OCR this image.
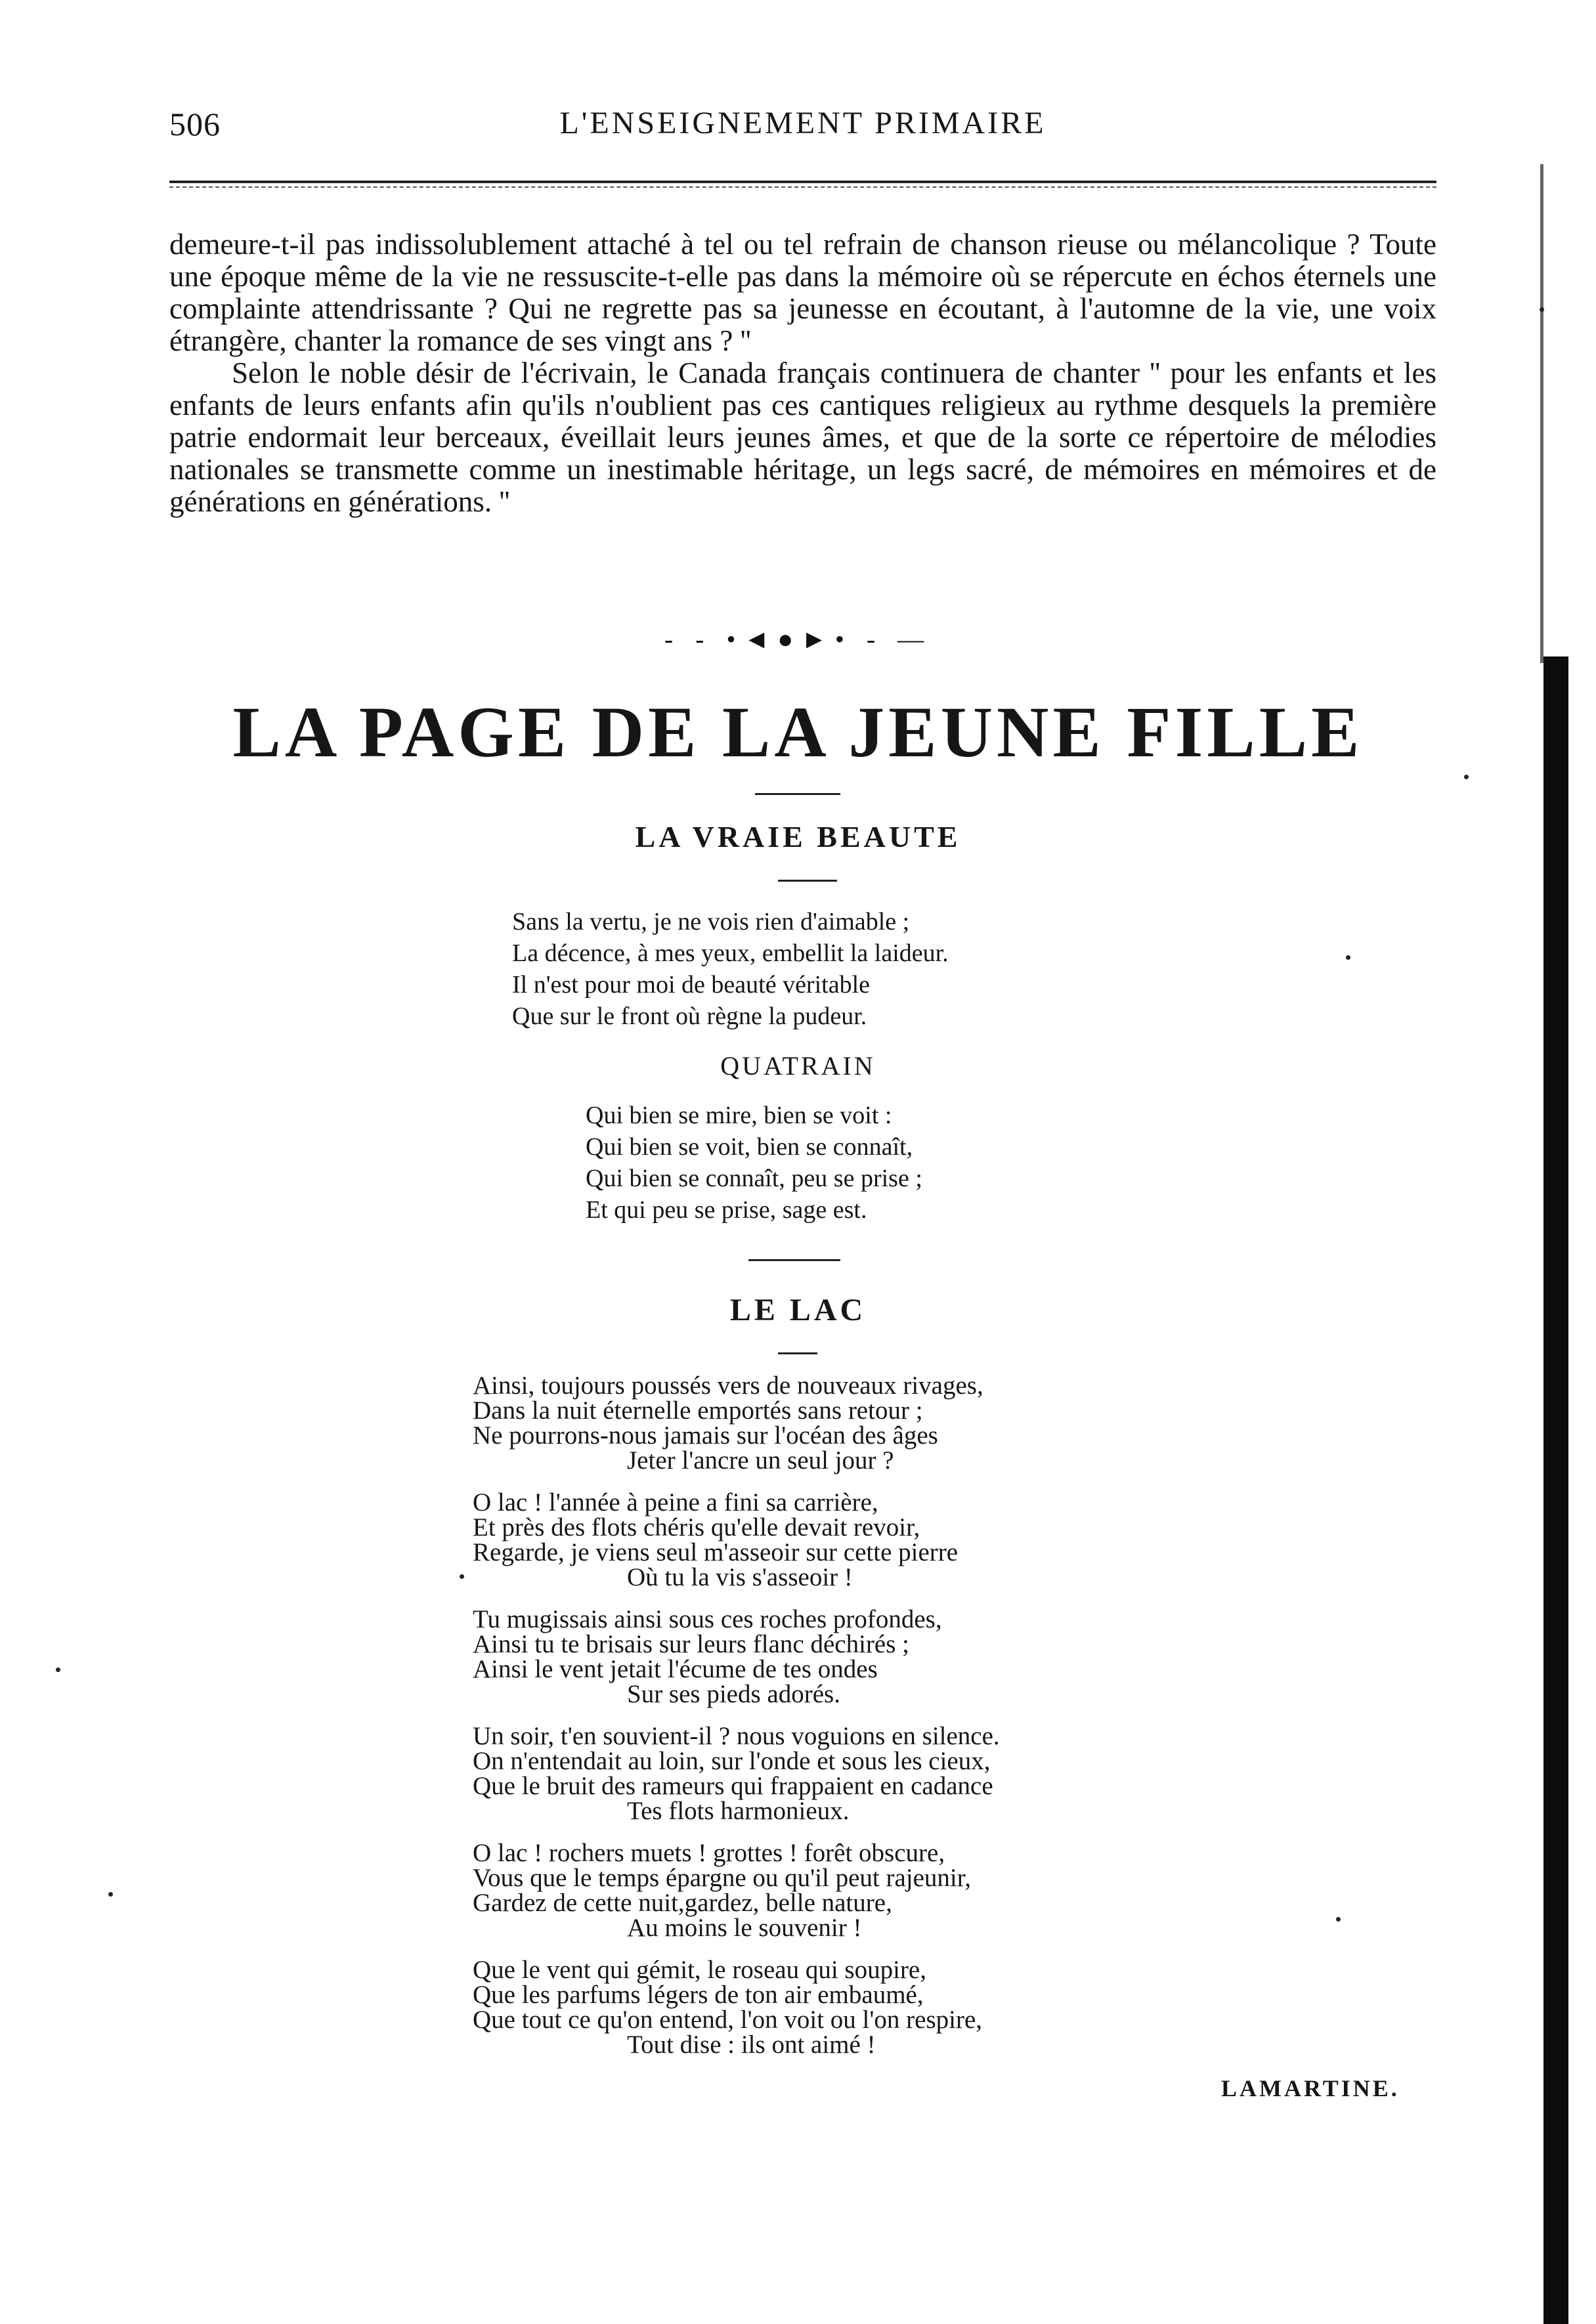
506	L'ENSEIGNEMENT PRIMAIRE

demeure-t-il pas indissolublement attaché à tel ou tel refrain de chanson rieuse ou mélancolique ? Toute une époque même de la vie ne ressuscite-t-elle pas dans la mémoire où se répercute en échos éternels une complainte attendrissante ? Qui ne regrette pas sa jeunesse en écoutant, à l'automne de la vie, une voix étrangère, chanter la romance de ses vingt ans ? ''

Selon le noble désir de l'écrivain, le Canada français continuera de chanter '' pour les enfants et les enfants de leurs enfants afin qu'ils n'oublient pas ces cantiques religieux au rythme desquels la première patrie endormait leur berceaux, éveillait leurs jeunes âmes, et que de la sorte ce répertoire de mélodies nationales se transmette comme un inestimable héritage, un legs sacré, de mémoires en mémoires et de générations en générations. ''

- - •◄●►• - —
LA PAGE DE LA JEUNE FILLE
LA VRAIE BEAUTE
Sans la vertu, je ne vois rien d'aimable ;
La décence, à mes yeux, embellit la laideur.
Il n'est pour moi de beauté véritable
Que sur le front où règne la pudeur.
QUATRAIN
Qui bien se mire, bien se voit :
Qui bien se voit, bien se connaît,
Qui bien se connaît, peu se prise ;
Et qui peu se prise, sage est.
LE LAC
Ainsi, toujours poussés vers de nouveaux rivages,
Dans la nuit éternelle emportés sans retour ;
Ne pourrons-nous jamais sur l'océan des âges
Jeter l'ancre un seul jour ?
O lac ! l'année à peine a fini sa carrière,
Et près des flots chéris qu'elle devait revoir,
Regarde, je viens seul m'asseoir sur cette pierre
Où tu la vis s'asseoir !
Tu mugissais ainsi sous ces roches profondes,
Ainsi tu te brisais sur leurs flanc déchirés ;
Ainsi le vent jetait l'écume de tes ondes
Sur ses pieds adorés.
Un soir, t'en souvient-il ? nous voguions en silence.
On n'entendait au loin, sur l'onde et sous les cieux,
Que le bruit des rameurs qui frappaient en cadance
Tes flots harmonieux.
O lac ! rochers muets ! grottes ! forêt obscure,
Vous que le temps épargne ou qu'il peut rajeunir,
Gardez de cette nuit,gardez, belle nature,
Au moins le souvenir !
Que le vent qui gémit, le roseau qui soupire,
Que les parfums légers de ton air embaumé,
Que tout ce qu'on entend, l'on voit ou l'on respire,
Tout dise : ils ont aimé !
LAMARTINE.
